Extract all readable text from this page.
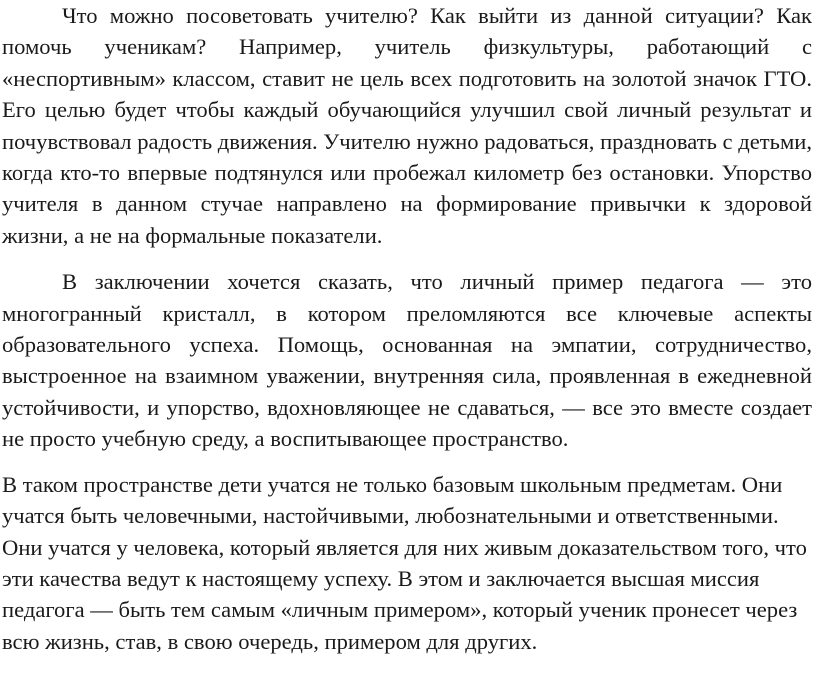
Что можно посоветовать учителю? Как выйти из данной ситуации? Как помочь ученикам? Например, учитель физкультуры, работающий с «неспортивным» классом, ставит не цель всех подготовить на золотой значок ГТО. Его целью будет чтобы каждый обучающийся улучшил свой личный результат и почувствовал радость движения. Учителю нужно радоваться, праздновать с детьми, когда кто-то впервые подтянулся или пробежал километр без остановки. Упорство учителя в данном стучае направлено на формирование привычки к здоровой жизни, а не на формальные показатели.

В заключении хочется сказать, что личный пример педагога — это многогранный кристалл, в котором преломляются все ключевые аспекты образовательного успеха. Помощь, основанная на эмпатии, сотрудничество, выстроенное на взаимном уважении, внутренняя сила, проявленная в ежедневной устойчивости, и упорство, вдохновляющее не сдаваться, — все это вместе создает не просто учебную среду, а воспитывающее пространство.

В таком пространстве дети учатся не только базовым школьным предметам. Они учатся быть человечными, настойчивыми, любознательными и ответственными. Они учатся у человека, который является для них живым доказательством того, что эти качества ведут к настоящему успеху. В этом и заключается высшая миссия педагога — быть тем самым «личным примером», который ученик пронесет через всю жизнь, став, в свою очередь, примером для других.
